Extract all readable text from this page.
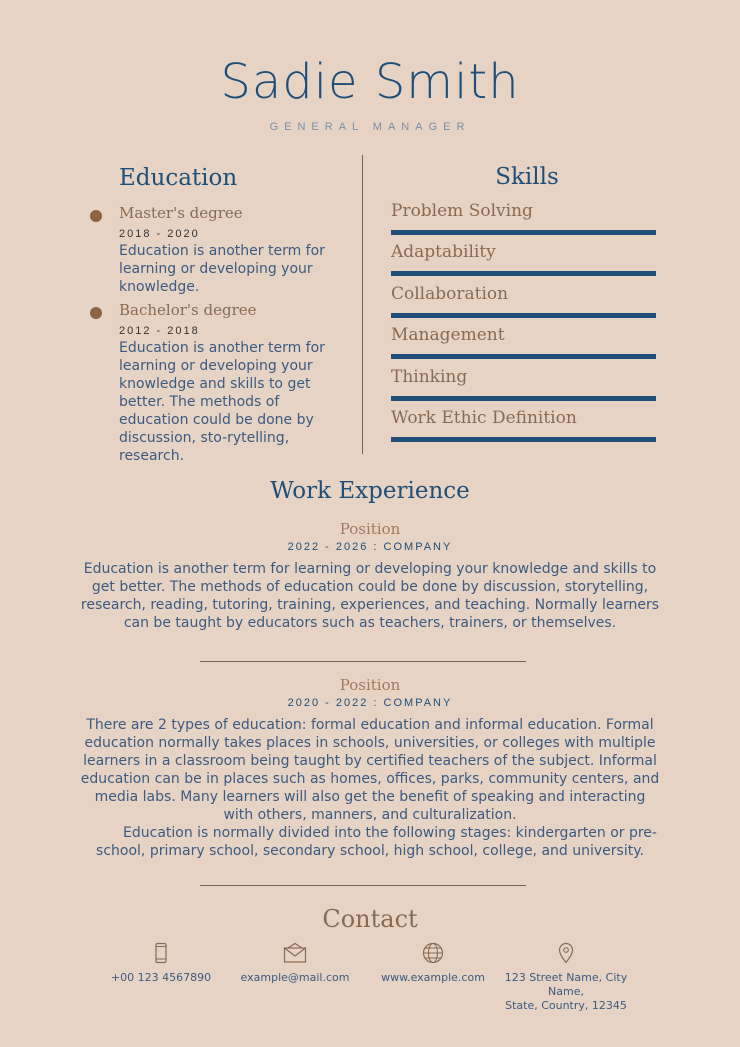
Sadie Smith
GENERAL MANAGER
Education
Master's degree
2018 - 2020
Education is another term for learning or developing your knowledge.
Bachelor's degree
2012 - 2018
Education is another term for learning or developing your knowledge and skills to get better. The methods of education could be done by discussion, sto-rytelling, research.
Skills
Problem Solving
Adaptability
Collaboration
Management
Thinking
Work Ethic Definition
Work Experience
Position
2022 - 2026 : COMPANY
Education is another term for learning or developing your knowledge and skills to get better. The methods of education could be done by discussion, storytelling, research, reading, tutoring, training, experiences, and teaching. Normally learners can be taught by educators such as teachers, trainers, or themselves.
Position
2020 - 2022 : COMPANY
There are 2 types of education: formal education and informal education. Formal education normally takes places in schools, universities, or colleges with multiple learners in a classroom being taught by certified teachers of the subject. Informal education can be in places such as homes, offices, parks, community centers, and media labs. Many learners will also get the benefit of speaking and interacting with others, manners, and culturalization.
Education is normally divided into the following stages: kindergarten or pre-school, primary school, secondary school, high school, college, and university.
Contact
+00 123 4567890	example@mail.com	www.example.com	123 Street Name, City Name,
State, Country, 12345
